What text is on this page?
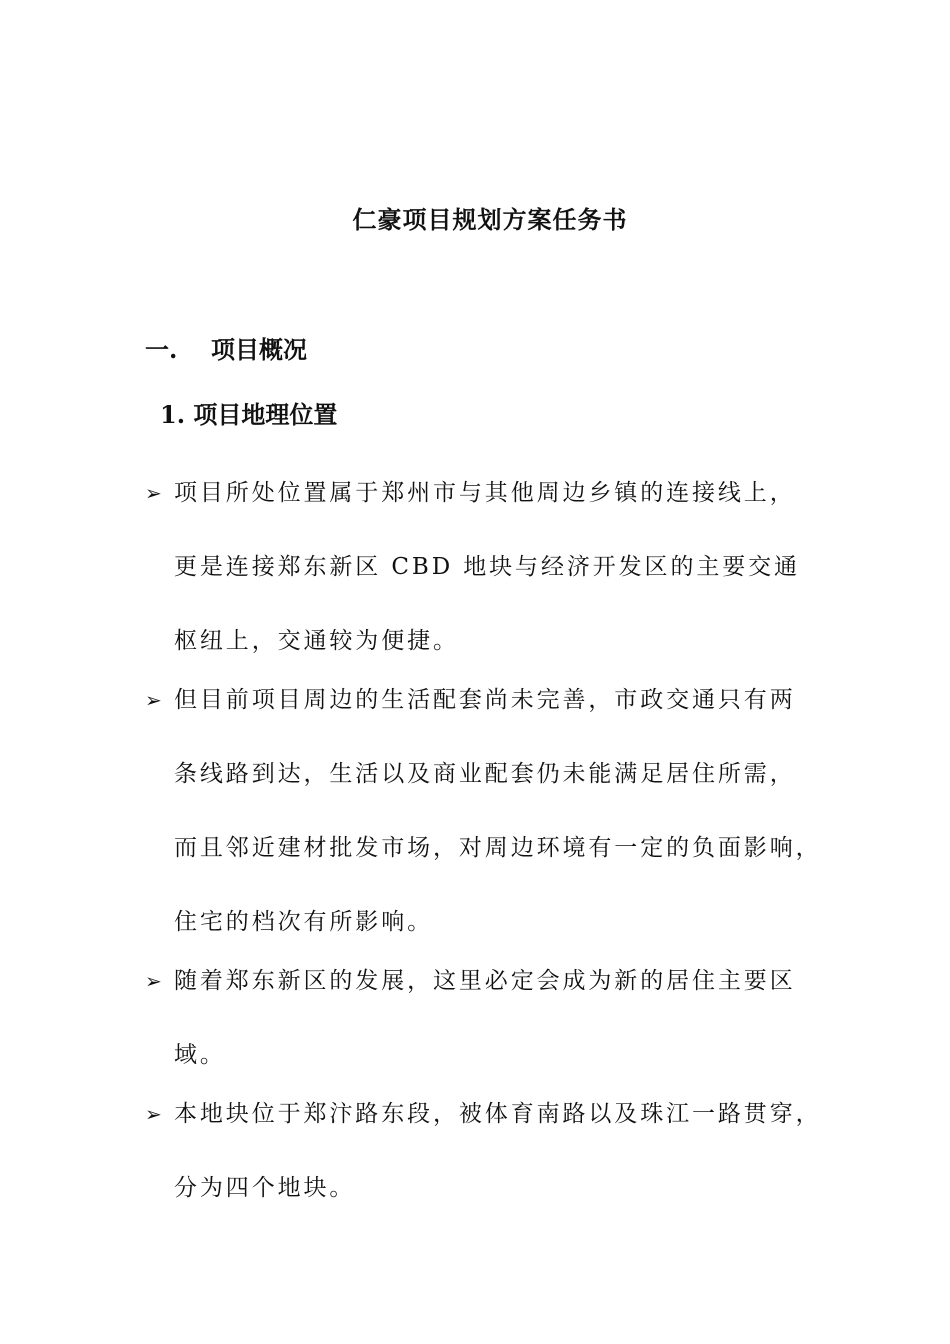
仁豪项目规划方案任务书
一. 项目概况
1. 项目地理位置
➢ 项目所处位置属于郑州市与其他周边乡镇的连接线上，
更是连接郑东新区 CBD 地块与经济开发区的主要交通
枢纽上，交通较为便捷。
➢ 但目前项目周边的生活配套尚未完善，市政交通只有两
条线路到达，生活以及商业配套仍未能满足居住所需，
而且邻近建材批发市场，对周边环境有一定的负面影响，
住宅的档次有所影响。
➢ 随着郑东新区的发展，这里必定会成为新的居住主要区
域。
➢ 本地块位于郑汴路东段，被体育南路以及珠江一路贯穿，
分为四个地块。
